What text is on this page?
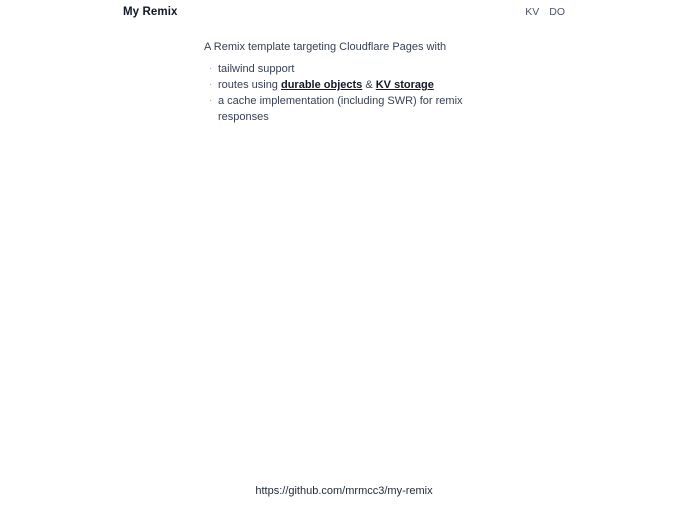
My Remix	KV DO

A Remix template targeting Cloudflare Pages with

· tailwind support
· routes using durable objects & KV storage
· a cache implementation (including SWR) for remix responses
https://github.com/mrmcc3/my-remix
